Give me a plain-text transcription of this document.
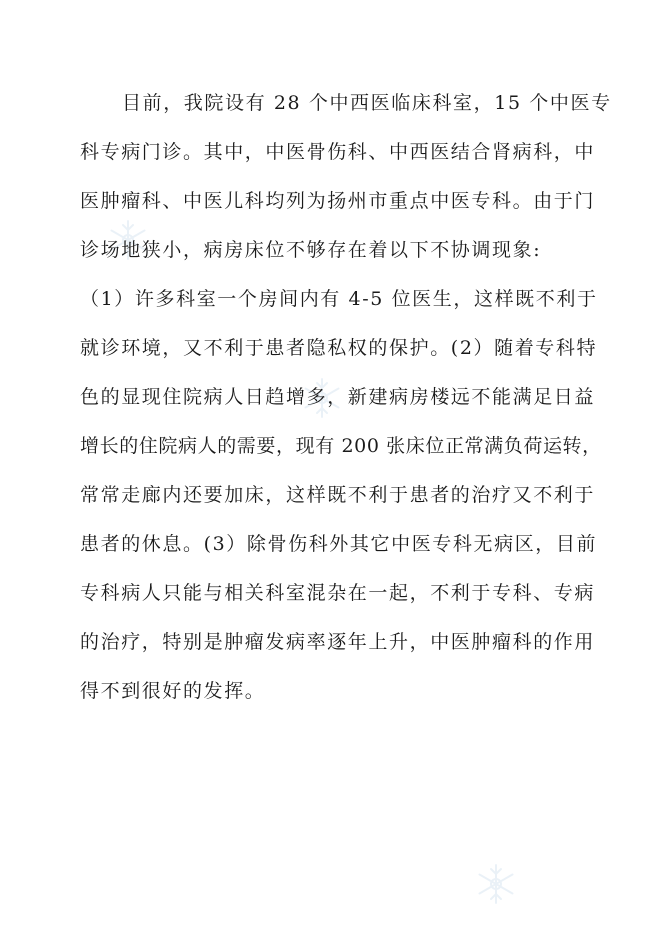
目前，我院设有 28 个中西医临床科室，15 个中医专
科专病门诊。其中，中医骨伤科、中西医结合肾病科，中
医肿瘤科、中医儿科均列为扬州市重点中医专科。由于门
诊场地狭小，病房床位不够存在着以下不协调现象:
（1）许多科室一个房间内有 4-5 位医生，这样既不利于
就诊环境，又不利于患者隐私权的保护。(2）随着专科特
色的显现住院病人日趋增多，新建病房楼远不能满足日益
增长的住院病人的需要，现有 200 张床位正常满负荷运转，
常常走廊内还要加床，这样既不利于患者的治疗又不利于
患者的休息。(3）除骨伤科外其它中医专科无病区，目前
专科病人只能与相关科室混杂在一起，不利于专科、专病
的治疗，特别是肿瘤发病率逐年上升，中医肿瘤科的作用
得不到很好的发挥。
